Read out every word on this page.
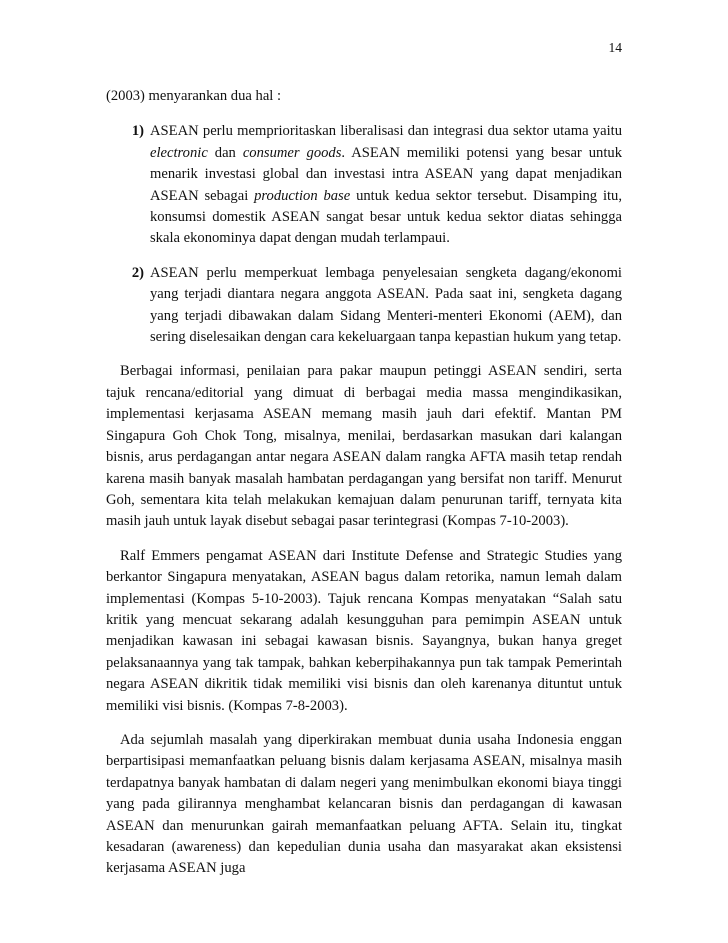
14

(2003) menyarankan dua hal :

1) ASEAN perlu memprioritaskan liberalisasi dan integrasi dua sektor utama yaitu electronic dan consumer goods. ASEAN memiliki potensi yang besar untuk menarik investasi global dan investasi intra ASEAN yang dapat menjadikan ASEAN sebagai production base untuk kedua sektor tersebut. Disamping itu, konsumsi domestik ASEAN sangat besar untuk kedua sektor diatas sehingga skala ekonominya dapat dengan mudah terlampaui.
2) ASEAN perlu memperkuat lembaga penyelesaian sengketa dagang/ekonomi yang terjadi diantara negara anggota ASEAN. Pada saat ini, sengketa dagang yang terjadi dibawakan dalam Sidang Menteri-menteri Ekonomi (AEM), dan sering diselesaikan dengan cara kekeluargaan tanpa kepastian hukum yang tetap.

Berbagai informasi, penilaian para pakar maupun petinggi ASEAN sendiri, serta tajuk rencana/editorial yang dimuat di berbagai media massa mengindikasikan, implementasi kerjasama ASEAN memang masih jauh dari efektif. Mantan PM Singapura Goh Chok Tong, misalnya, menilai, berdasarkan masukan dari kalangan bisnis, arus perdagangan antar negara ASEAN dalam rangka AFTA masih tetap rendah karena masih banyak masalah hambatan perdagangan yang bersifat non tariff. Menurut Goh, sementara kita telah melakukan kemajuan dalam penurunan tariff, ternyata kita masih jauh untuk layak disebut sebagai pasar terintegrasi (Kompas 7-10-2003).

Ralf Emmers pengamat ASEAN dari Institute Defense and Strategic Studies yang berkantor Singapura menyatakan, ASEAN bagus dalam retorika, namun lemah dalam implementasi (Kompas 5-10-2003). Tajuk rencana Kompas menyatakan “Salah satu kritik yang mencuat sekarang adalah kesungguhan para pemimpin ASEAN untuk menjadikan kawasan ini sebagai kawasan bisnis. Sayangnya, bukan hanya greget pelaksanaannya yang tak tampak, bahkan keberpihakannya pun tak tampak Pemerintah negara ASEAN dikritik tidak memiliki visi bisnis dan oleh karenanya dituntut untuk memiliki visi bisnis. (Kompas 7-8-2003).

Ada sejumlah masalah yang diperkirakan membuat dunia usaha Indonesia enggan berpartisipasi memanfaatkan peluang bisnis dalam kerjasama ASEAN, misalnya masih terdapatnya banyak hambatan di dalam negeri yang menimbulkan ekonomi biaya tinggi yang pada gilirannya menghambat kelancaran bisnis dan perdagangan di kawasan ASEAN dan menurunkan gairah memanfaatkan peluang AFTA. Selain itu, tingkat kesadaran (awareness) dan kepedulian dunia usaha dan masyarakat akan eksistensi kerjasama ASEAN juga
